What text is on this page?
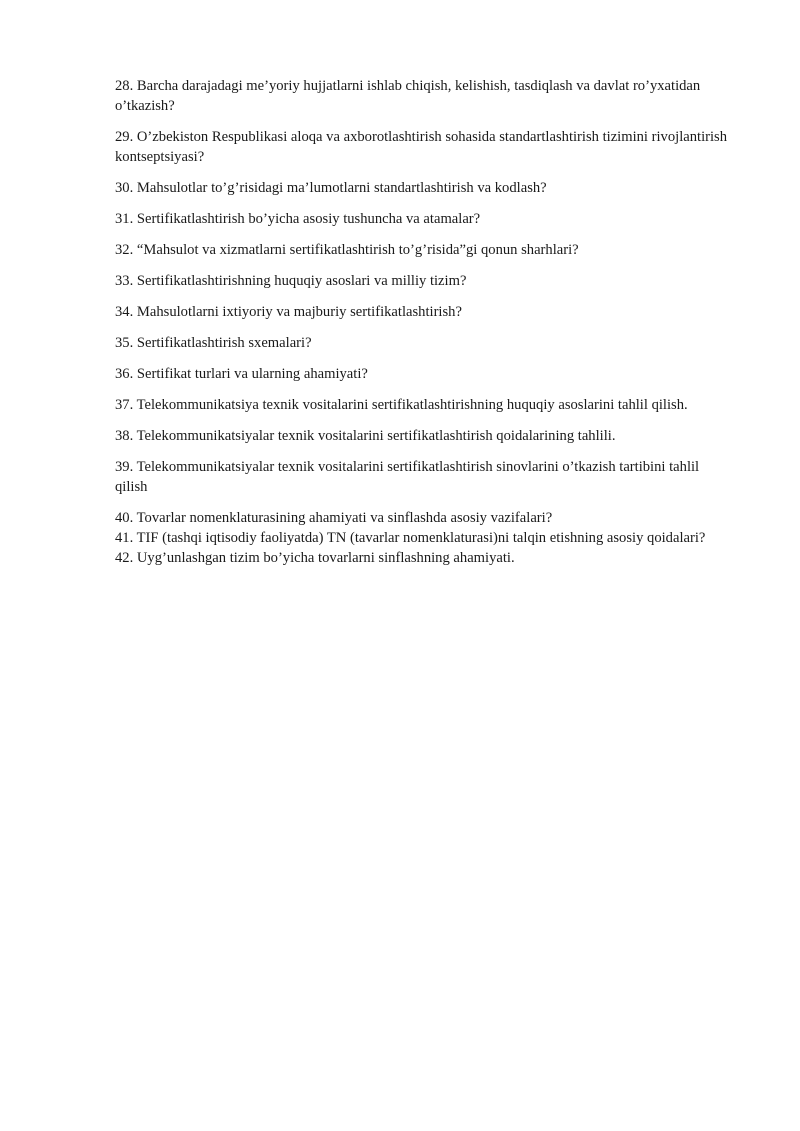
28. Barcha darajadagi me’yoriy hujjatlarni ishlab chiqish, kelishish, tasdiqlash va davlat ro’yxatidan o’tkazish?

29. O’zbekiston Respublikasi aloqa va axborotlashtirish sohasida standartlashtirish tizimini rivojlantirish kontseptsiyasi?

30. Mahsulotlar to’g’risidagi ma’lumotlarni standartlashtirish va kodlash?

31. Sertifikatlashtirish bo’yicha asosiy tushuncha va atamalar?

32. “Mahsulot va xizmatlarni sertifikatlashtirish to’g’risida”gi qonun sharhlari?

33. Sertifikatlashtirishning huquqiy asoslari va milliy tizim?

34. Mahsulotlarni ixtiyoriy va majburiy sertifikatlashtirish?

35. Sertifikatlashtirish sxemalari?

36. Sertifikat turlari va ularning ahamiyati?

37. Telekommunikatsiya texnik vositalarini sertifikatlashtirishning huquqiy asoslarini tahlil qilish.

38. Telekommunikatsiyalar texnik vositalarini sertifikatlashtirish qoidalarining tahlili.

39. Telekommunikatsiyalar texnik vositalarini sertifikatlashtirish sinovlarini o’tkazish tartibini tahlil qilish

40. Tovarlar nomenklaturasining ahamiyati va sinflashda asosiy vazifalari?

41. TIF (tashqi iqtisodiy faoliyatda) TN (tavarlar nomenklaturasi)ni talqin etishning asosiy qoidalari?

42. Uyg’unlashgan tizim bo’yicha tovarlarni sinflashning ahamiyati.
